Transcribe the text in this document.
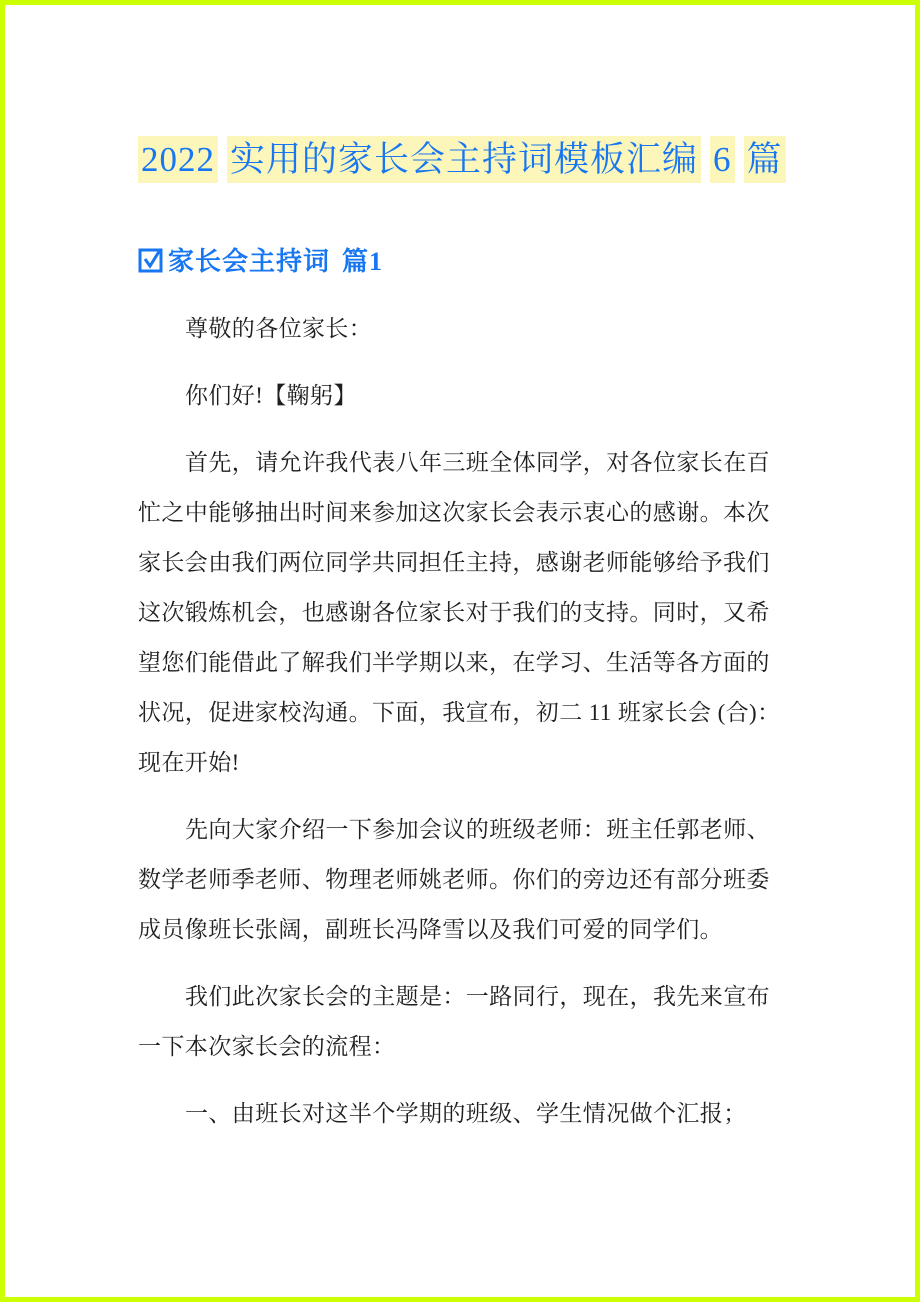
2022 实用的家长会主持词模板汇编 6 篇
家长会主持词 篇1
尊敬的各位家长：
你们好!【鞠躬】
首先，请允许我代表八年三班全体同学，对各位家长在百
忙之中能够抽出时间来参加这次家长会表示衷心的感谢。本次
家长会由我们两位同学共同担任主持，感谢老师能够给予我们
这次锻炼机会，也感谢各位家长对于我们的支持。同时，又希
望您们能借此了解我们半学期以来，在学习、生活等各方面的
状况，促进家校沟通。下面，我宣布，初二 11 班家长会 (合)：
现在开始!
先向大家介绍一下参加会议的班级老师：班主任郭老师、
数学老师季老师、物理老师姚老师。你们的旁边还有部分班委
成员像班长张阔，副班长冯降雪以及我们可爱的同学们。
我们此次家长会的主题是：一路同行，现在，我先来宣布
一下本次家长会的流程：
一、由班长对这半个学期的班级、学生情况做个汇报；
